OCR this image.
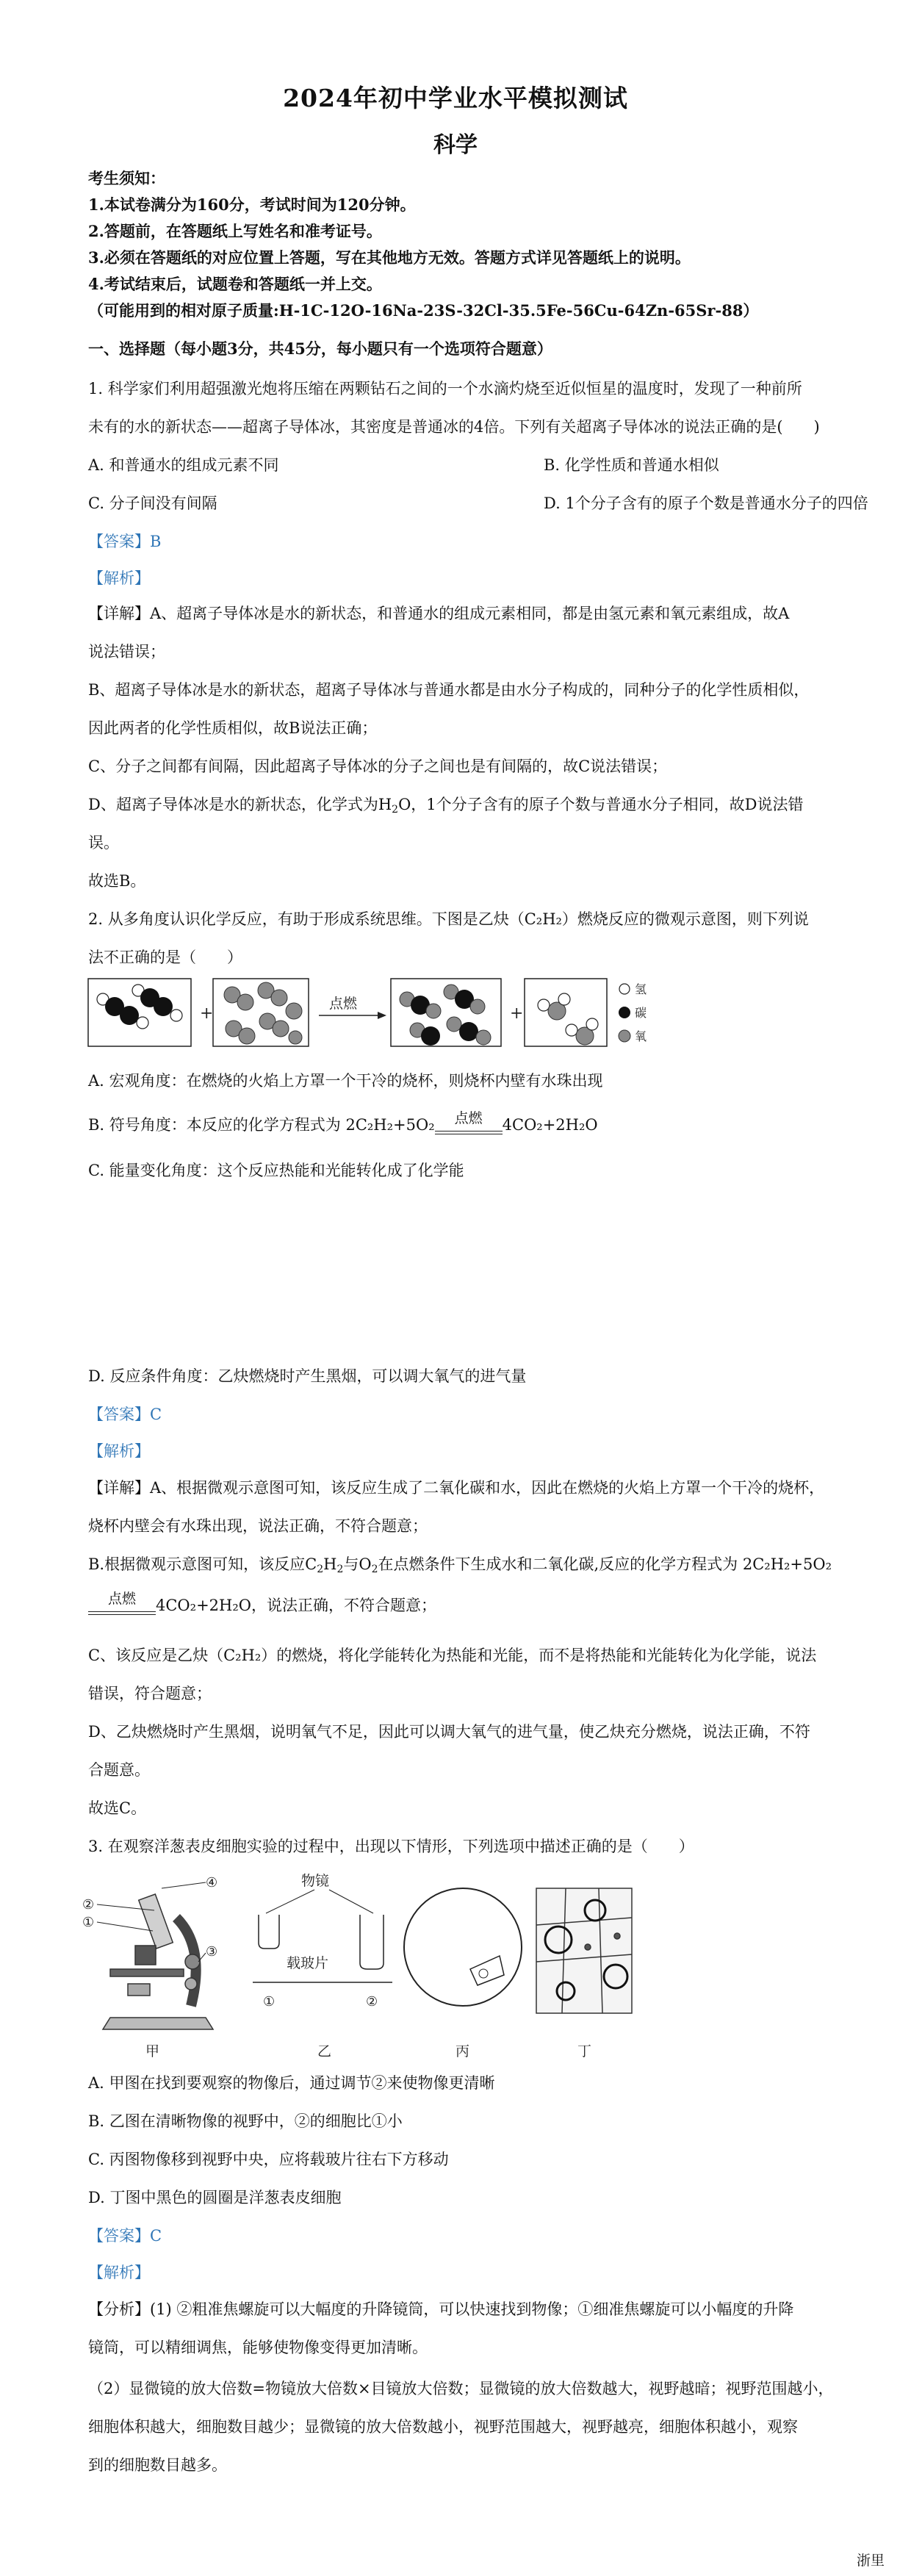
2024年初中学业水平模拟测试
科学
考生须知：
1.本试卷满分为160分，考试时间为120分钟。
2.答题前，在答题纸上写姓名和准考证号。
3.必须在答题纸的对应位置上答题，写在其他地方无效。答题方式详见答题纸上的说明。
4.考试结束后，试题卷和答题纸一并上交。
（可能用到的相对原子质量:H-1C-12O-16Na-23S-32Cl-35.5Fe-56Cu-64Zn-65Sr-88）
一、选择题（每小题3分，共45分，每小题只有一个选项符合题意）
1. 科学家们利用超强激光炮将压缩在两颗钻石之间的一个水滴灼烧至近似恒星的温度时，发现了一种前所
未有的水的新状态——超离子导体冰，其密度是普通冰的4倍。下列有关超离子导体冰的说法正确的是(　　)
A. 和普通水的组成元素不同	B. 化学性质和普通水相似
C. 分子间没有间隔	D. 1个分子含有的原子个数是普通水分子的四倍
【答案】B
【解析】
【详解】A、超离子导体冰是水的新状态，和普通水的组成元素相同，都是由氢元素和氧元素组成，故A
说法错误；
B、超离子导体冰是水的新状态，超离子导体冰与普通水都是由水分子构成的，同种分子的化学性质相似，
因此两者的化学性质相似，故B说法正确；
C、分子之间都有间隔，因此超离子导体冰的分子之间也是有间隔的，故C说法错误；
D、超离子导体冰是水的新状态，化学式为$H_2O$，1个分子含有的原子个数与普通水分子相同，故D说法错
误。
故选B。
2. 从多角度认识化学反应，有助于形成系统思维。下图是乙炔（C₂H₂）燃烧反应的微观示意图，则下列说
法不正确的是（　　）
+
点燃
+
氢
碳
氧
A. 宏观角度：在燃烧的火焰上方罩一个干冷的烧杯，则烧杯内壁有水珠出现
B. 符号角度：本反应的化学方程式为 2C₂H₂+5O₂	点燃	4CO₂+2H₂O
C. 能量变化角度：这个反应热能和光能转化成了化学能
D. 反应条件角度：乙炔燃烧时产生黑烟，可以调大氧气的进气量
【答案】C
【解析】
【详解】A、根据微观示意图可知，该反应生成了二氧化碳和水，因此在燃烧的火焰上方罩一个干冷的烧杯，
烧杯内壁会有水珠出现，说法正确，不符合题意；
B.根据微观示意图可知，该反应$C_2H_2$与$O_2$在点燃条件下生成水和二氧化碳,反应的化学方程式为 2C₂H₂+5O₂
点燃	4CO₂+2H₂O，说法正确，不符合题意；
C、该反应是乙炔（C₂H₂）的燃烧，将化学能转化为热能和光能，而不是将热能和光能转化为化学能，说法
错误，符合题意；
D、乙炔燃烧时产生黑烟，说明氧气不足，因此可以调大氧气的进气量，使乙炔充分燃烧，说法正确，不符
合题意。
故选C。
3. 在观察洋葱表皮细胞实验的过程中，出现以下情形，下列选项中描述正确的是（　　）
②
①
③
④
甲
物镜
载玻片
①	②
乙	丙	丁
A. 甲图在找到要观察的物像后，通过调节②来使物像更清晰
B. 乙图在清晰物像的视野中，②的细胞比①小
C. 丙图物像移到视野中央，应将载玻片往右下方移动
D. 丁图中黑色的圆圈是洋葱表皮细胞
【答案】C
【解析】
【分析】(1) ②粗准焦螺旋可以大幅度的升降镜筒，可以快速找到物像；①细准焦螺旋可以小幅度的升降
镜筒，可以精细调焦，能够使物像变得更加清晰。
（2）显微镜的放大倍数=物镜放大倍数×目镜放大倍数；显微镜的放大倍数越大，视野越暗；视野范围越小，
细胞体积越大，细胞数目越少；显微镜的放大倍数越小，视野范围越大，视野越亮，细胞体积越小，观察
到的细胞数目越多。
浙里
